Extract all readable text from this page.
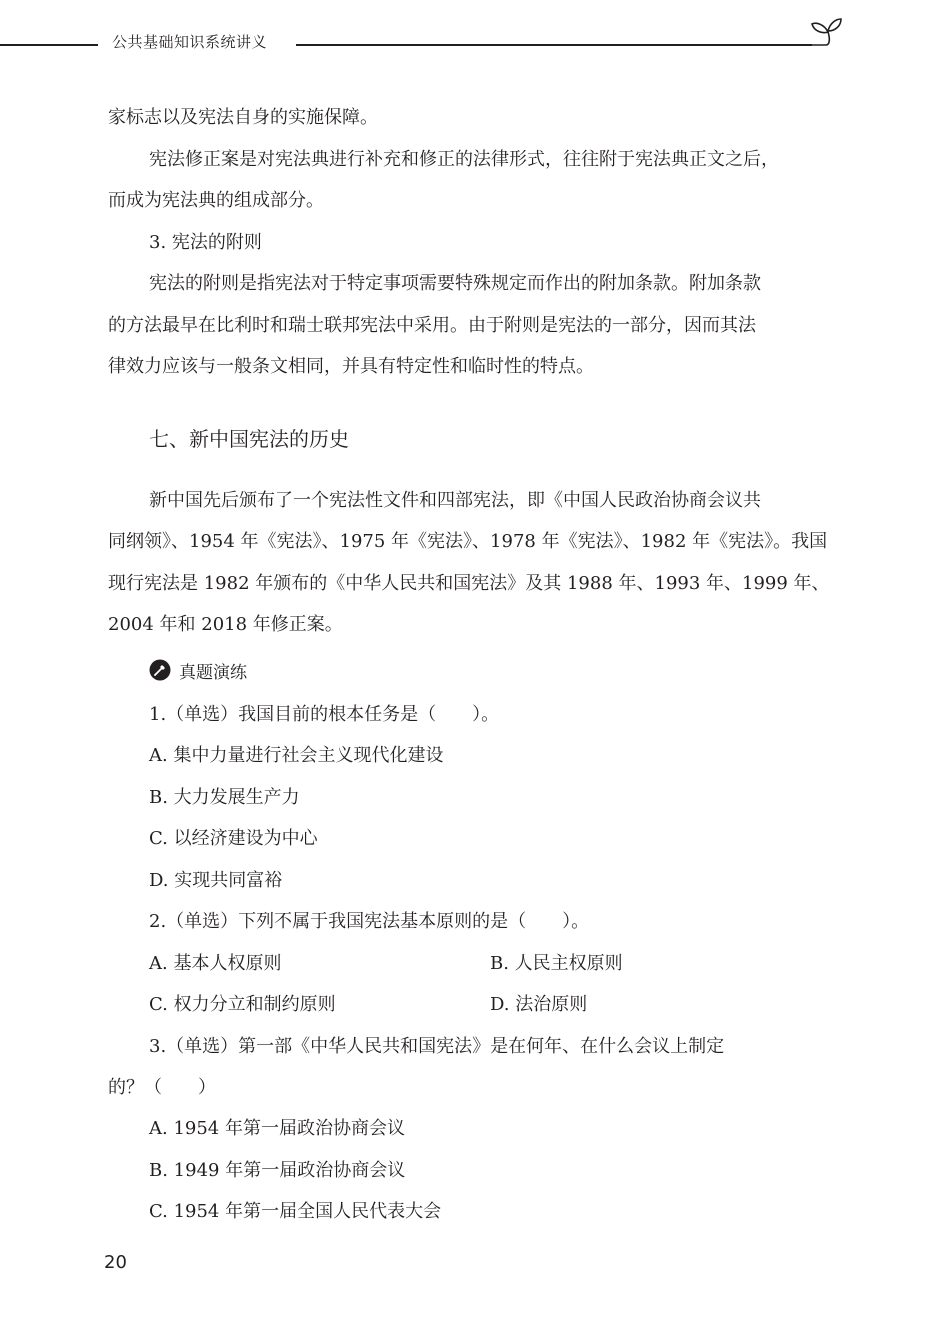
公共基础知识系统讲义
家标志以及宪法自身的实施保障。
宪法修正案是对宪法典进行补充和修正的法律形式，往往附于宪法典正文之后，
而成为宪法典的组成部分。
3. 宪法的附则
宪法的附则是指宪法对于特定事项需要特殊规定而作出的附加条款。附加条款
的方法最早在比利时和瑞士联邦宪法中采用。由于附则是宪法的一部分，因而其法
律效力应该与一般条文相同，并具有特定性和临时性的特点。
七、新中国宪法的历史
新中国先后颁布了一个宪法性文件和四部宪法，即《中国人民政治协商会议共
同纲领》、1954 年《宪法》、1975 年《宪法》、1978 年《宪法》、1982 年《宪法》。我国
现行宪法是 1982 年颁布的《中华人民共和国宪法》及其 1988 年、1993 年、1999 年、
2004 年和 2018 年修正案。
真题演练
1.（单选）我国目前的根本任务是（　　）。
A. 集中力量进行社会主义现代化建设
B. 大力发展生产力
C. 以经济建设为中心
D. 实现共同富裕
2.（单选）下列不属于我国宪法基本原则的是（　　）。
A. 基本人权原则	B. 人民主权原则
C. 权力分立和制约原则	D. 法治原则
3.（单选）第一部《中华人民共和国宪法》是在何年、在什么会议上制定
的？（　　）
A. 1954 年第一届政治协商会议
B. 1949 年第一届政治协商会议
C. 1954 年第一届全国人民代表大会
20
